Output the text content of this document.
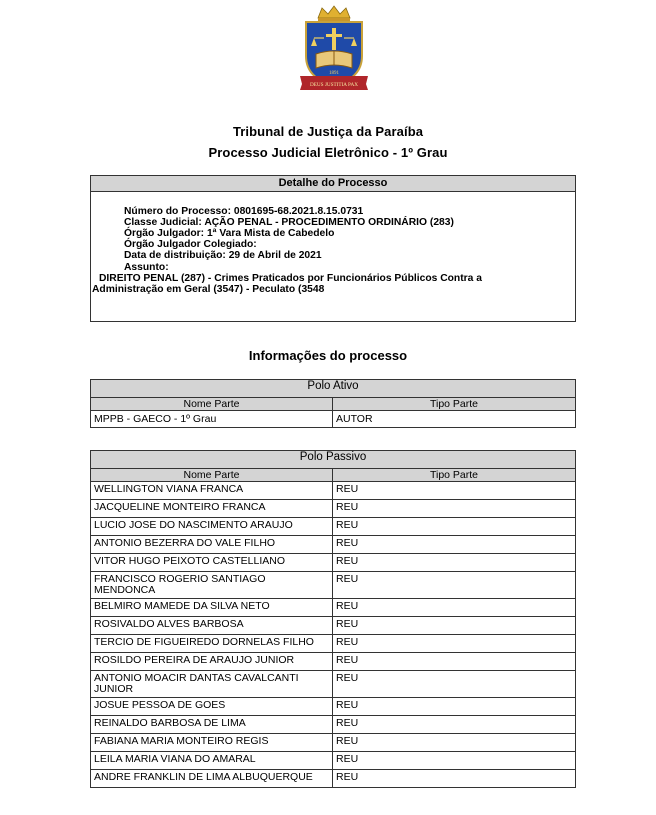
1891
DEUS JUSTITIA PAX
Tribunal de Justiça da Paraíba
Processo Judicial Eletrônico - 1º Grau
Detalhe do Processo
Número do Processo: 0801695-68.2021.8.15.0731
Classe Judicial: AÇÃO PENAL - PROCEDIMENTO ORDINÁRIO (283)
Órgão Julgador: 1ª Vara Mista de Cabedelo
Órgão Julgador Colegiado:
Data de distribuição: 29 de Abril de 2021
Assunto:
DIREITO PENAL (287) - Crimes Praticados por Funcionários Públicos Contra a
Administração em Geral (3547) - Peculato (3548
Informações do processo
Polo Ativo	
Nome Parte	Tipo Parte
MPPB - GAECO - 1º Grau	AUTOR
Polo Passivo	
Nome Parte	Tipo Parte
WELLINGTON VIANA FRANCA	REU
JACQUELINE MONTEIRO FRANCA	REU
LUCIO JOSE DO NASCIMENTO ARAUJO	REU
ANTONIO BEZERRA DO VALE FILHO	REU
VITOR HUGO PEIXOTO CASTELLIANO	REU
FRANCISCO ROGERIO SANTIAGO MENDONCA	REU
BELMIRO MAMEDE DA SILVA NETO	REU
ROSIVALDO ALVES BARBOSA	REU
TERCIO DE FIGUEIREDO DORNELAS FILHO	REU
ROSILDO PEREIRA DE ARAUJO JUNIOR	REU
ANTONIO MOACIR DANTAS CAVALCANTI JUNIOR	REU
JOSUE PESSOA DE GOES	REU
REINALDO BARBOSA DE LIMA	REU
FABIANA MARIA MONTEIRO REGIS	REU
LEILA MARIA VIANA DO AMARAL	REU
ANDRE FRANKLIN DE LIMA ALBUQUERQUE	REU
